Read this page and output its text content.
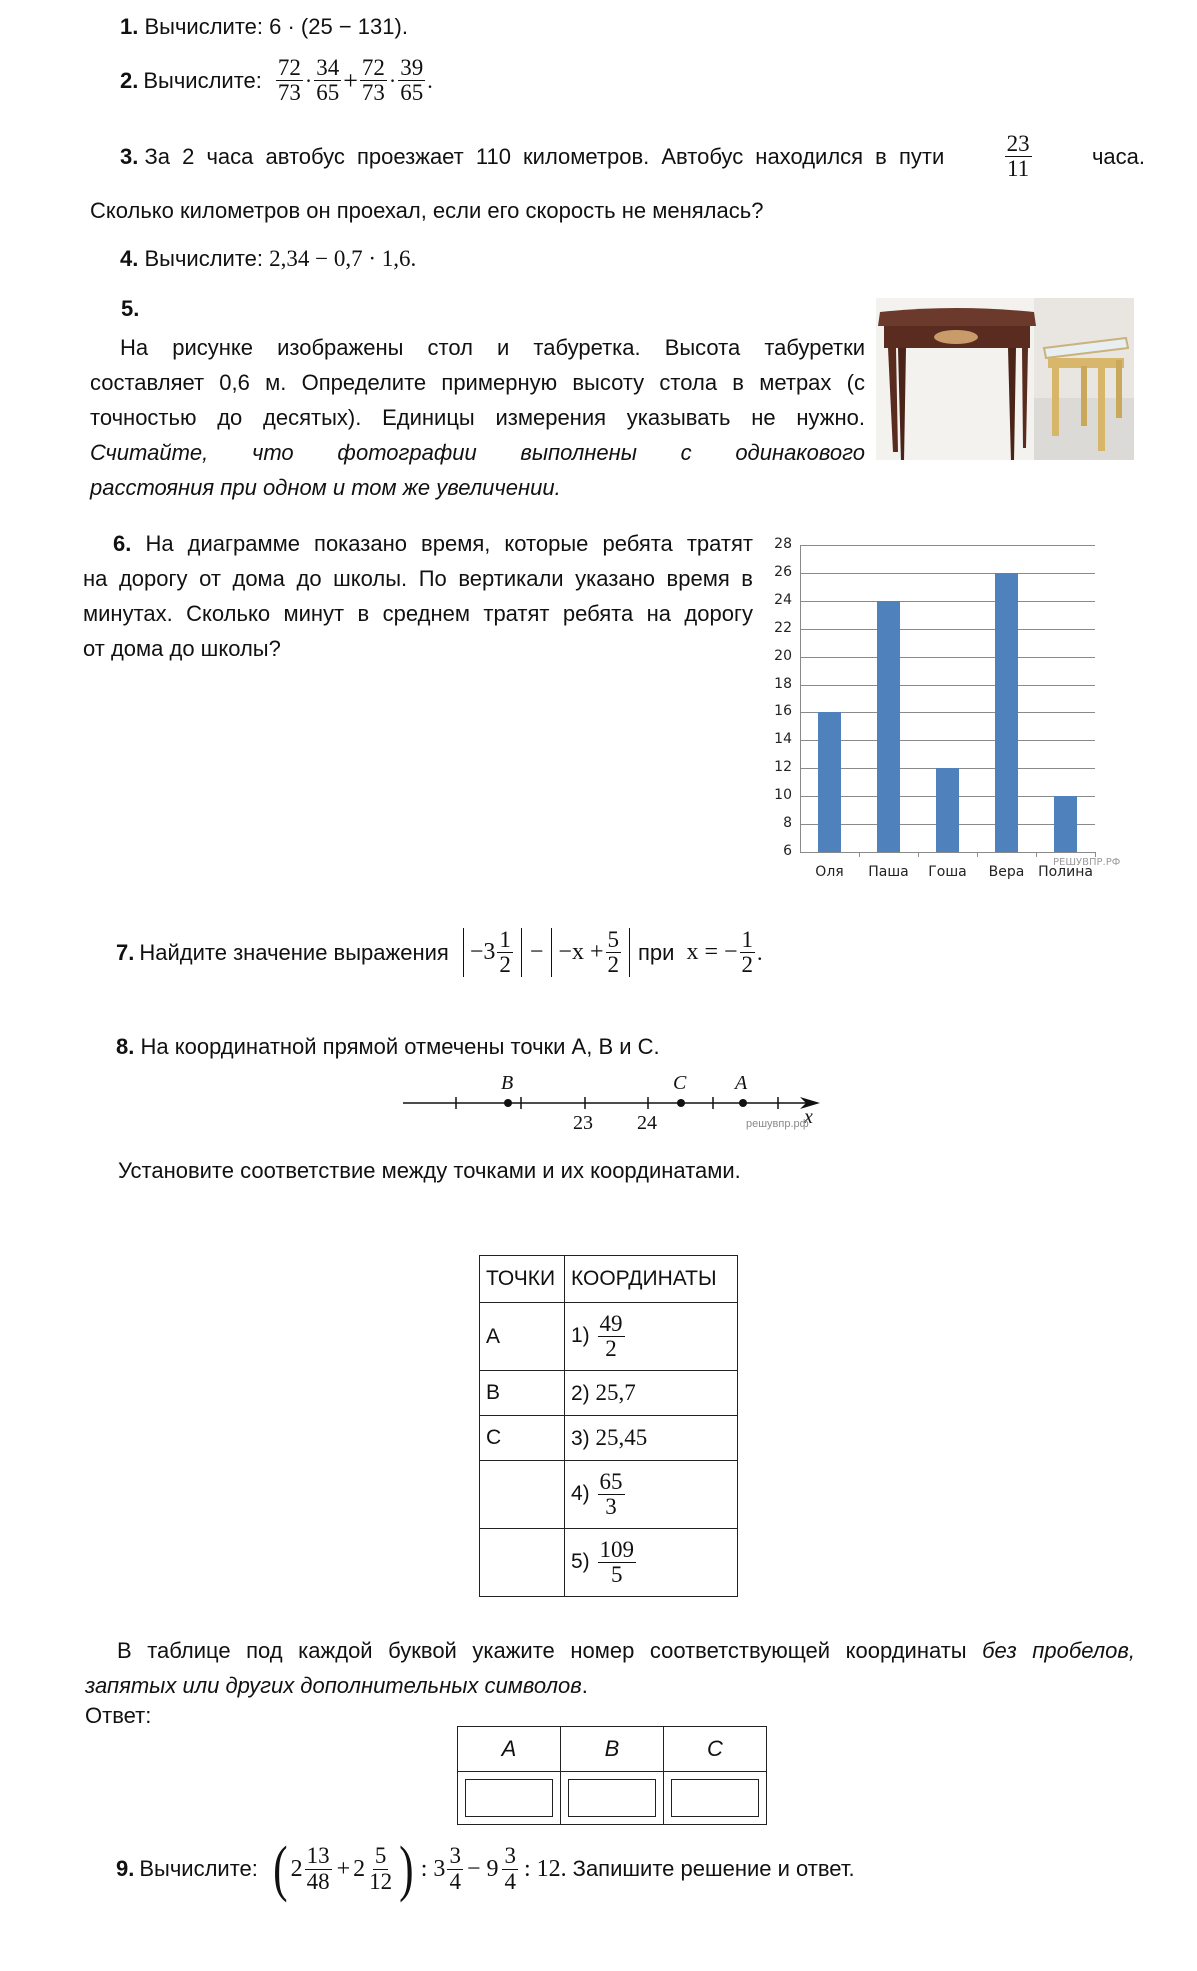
1. Вычислите: 6 · (25 − 131).
2. Вычислите: $\frac{72}{73} \cdot \frac{34}{65} + \frac{72}{73} \cdot \frac{39}{65}$ .
3. За 2 часа автобус проезжает 110 километров. Автобус находился в пути	$\frac{23}{11}$	часа.
Сколько километров он проехал, если его скорость не менялась?
4. Вычислите: 2,34 − 0,7 · 1,6.
5.
На рисунке изображены стол и табуретка. Высота табуретки
составляет 0,6 м. Определите примерную высоту стола в метрах (с
точностью до десятых). Единицы измерения указывать не нужно.
Считайте, что фотографии выполнены с одинакового
расстояния при одном и том же увеличении.
6. На диаграмме показано время, которые ребята тратят
на дорогу от дома до школы. По вертикали указано время в
минутах. Сколько минут в среднем тратят ребята на дорогу
от дома до школы?
28
26
24
22
20
18
16
14
12
10
8
6
Оля	Паша	Гоша	Вера Полина
РЕШУВПР.РФ
7. Найдите значение выражения $-3 \frac{1}{2} - -x + \frac{5}{2}$ при x = − $\frac{1}{2}$ .
8. На координатной прямой отмечены точки A, B и C.
B	C A
23 24	x
решувпр.рф
Установите соответствие между точками и их координатами.
ТОЧКИ	КООРДИНАТЫ
A	$1) \frac{49}{2}$

B	2) 25,7
C	3) 25,45
	$4) \frac{65}{3}$

	$5) \frac{109}{5}$
В таблице под каждой буквой укажите номер соответствующей координаты без пробелов,
запятых или других дополнительных символов.
Ответ:
A	B	C

9. Вычислите: ( $2 \frac{13}{48} + 2 \frac{5}{12}$ ) : $3 \frac{3}{4} - 9 \frac{3}{4}$ : 12. Запишите решение и ответ.
